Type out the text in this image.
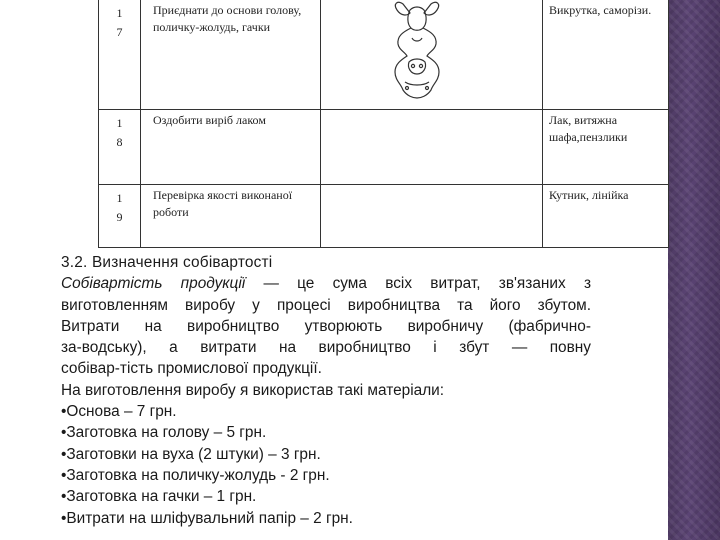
1
7	Приєднати до основи голову, поличку-жолудь, гачки		Викрутка, саморізи.

1
8	Оздобити виріб лаком		Лак, витяжна шафа,пензлики

1
9	Перевірка якості виконаної роботи		Кутник, лінійка

3.2. Визначення собівартості

Собівартість продукції — це сума всіх витрат, зв'язаних з

виготовленням виробу у процесі виробництва та його збутом.

Витрати на виробництво утворюють виробничу (фабрично-

за-водську), а витрати на виробництво і збут — повну

собівар-тість промислової продукції.

На виготовлення виробу я використав такі матеріали:

• Основа – 7 грн.
• Заготовка на голову – 5 грн.
• Заготовки на вуха (2 штуки) – 3 грн.
• Заготовка на поличку-жолудь - 2 грн.
• Заготовка на гачки – 1 грн.
• Витрати на шліфувальний папір – 2 грн.
